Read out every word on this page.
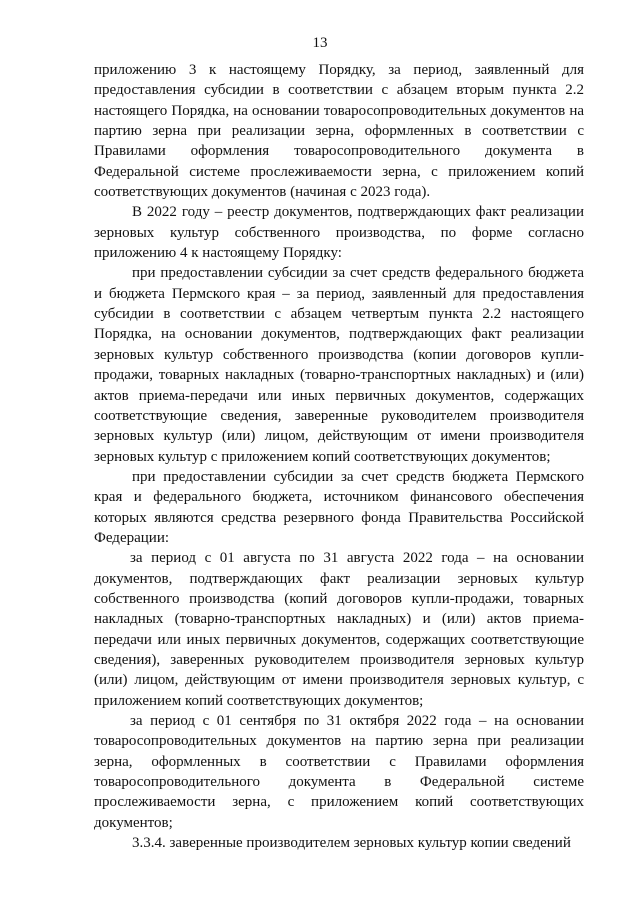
13

приложению 3 к настоящему Порядку, за период, заявленный для предоставления субсидии в соответствии с абзацем вторым пункта 2.2 настоящего Порядка, на основании товаросопроводительных документов на партию зерна при реализации зерна, оформленных в соответствии с Правилами оформления товаросопроводительного документа в Федеральной системе прослеживаемости зерна, с приложением копий соответствующих документов (начиная с 2023 года).

В 2022 году – реестр документов, подтверждающих факт реализации зерновых культур собственного производства, по форме согласно приложению 4 к настоящему Порядку:

при предоставлении субсидии за счет средств федерального бюджета и бюджета Пермского края – за период, заявленный для предоставления субсидии в соответствии с абзацем четвертым пункта 2.2 настоящего Порядка, на основании документов, подтверждающих факт реализации зерновых культур собственного производства (копии договоров купли-продажи, товарных накладных (товарно-транспортных накладных) и (или) актов приема-передачи или иных первичных документов, содержащих соответствующие сведения, заверенные руководителем производителя зерновых культур (или) лицом, действующим от имени производителя зерновых культур с приложением копий соответствующих документов;

при предоставлении субсидии за счет средств бюджета Пермского края и федерального бюджета, источником финансового обеспечения которых являются средства резервного фонда Правительства Российской Федерации:

за период с 01 августа по 31 августа 2022 года – на основании документов, подтверждающих факт реализации зерновых культур собственного производства (копий договоров купли-продажи, товарных накладных (товарно-транспортных накладных) и (или) актов приема-передачи или иных первичных документов, содержащих соответствующие сведения), заверенных руководителем производителя зерновых культур (или) лицом, действующим от имени производителя зерновых культур, с приложением копий соответствующих документов;

за период с 01 сентября по 31 октября 2022 года – на основании товаросопроводительных документов на партию зерна при реализации зерна, оформленных в соответствии с Правилами оформления товаросопроводительного документа в Федеральной системе прослеживаемости зерна, с приложением копий соответствующих документов;

3.3.4. заверенные производителем зерновых культур копии сведений
